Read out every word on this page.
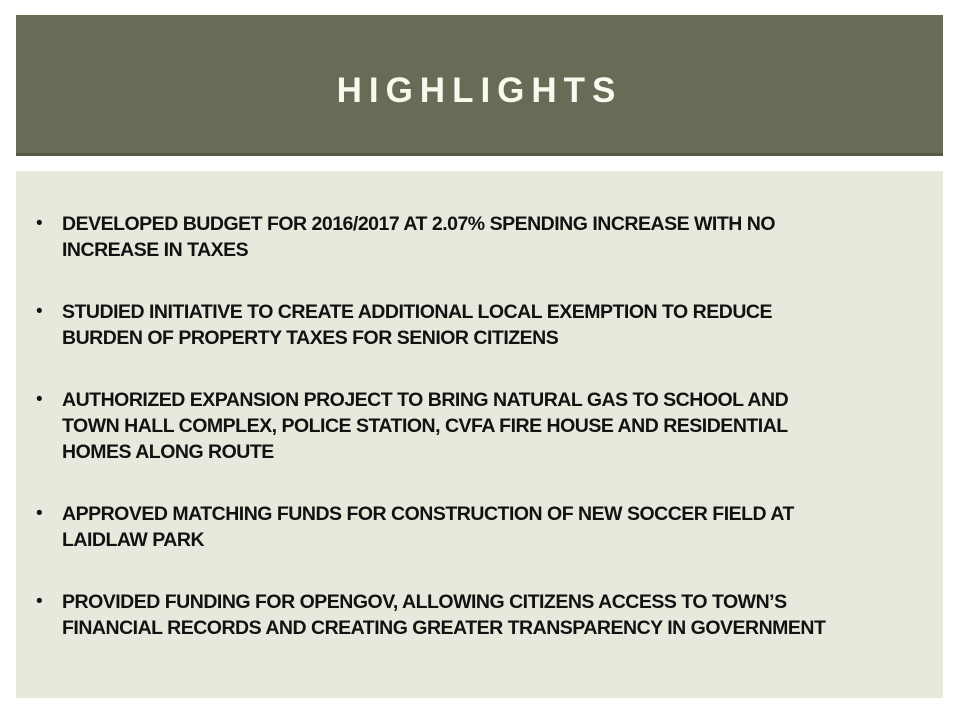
HIGHLIGHTS
• DEVELOPED BUDGET FOR 2016/2017 AT 2.07% SPENDING INCREASE WITH NO INCREASE IN TAXES
• STUDIED INITIATIVE TO CREATE ADDITIONAL LOCAL EXEMPTION TO REDUCE BURDEN OF PROPERTY TAXES FOR SENIOR CITIZENS
• AUTHORIZED EXPANSION PROJECT TO BRING NATURAL GAS TO SCHOOL AND TOWN HALL COMPLEX, POLICE STATION, CVFA FIRE HOUSE AND RESIDENTIAL HOMES ALONG ROUTE
• APPROVED MATCHING FUNDS FOR CONSTRUCTION OF NEW SOCCER FIELD AT LAIDLAW PARK
• PROVIDED FUNDING FOR OPENGOV, ALLOWING CITIZENS ACCESS TO TOWN’S FINANCIAL RECORDS AND CREATING GREATER TRANSPARENCY IN GOVERNMENT
